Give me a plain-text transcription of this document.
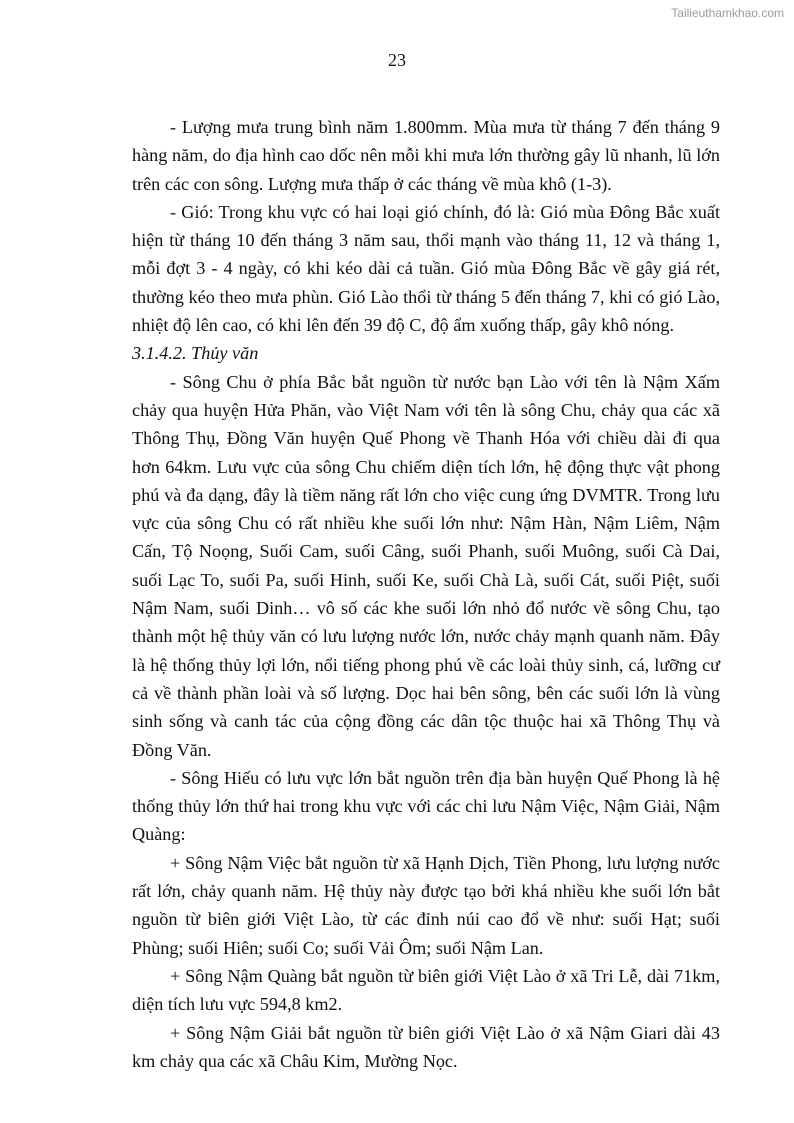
Tailieuthamkhao.com
23

- Lượng mưa trung bình năm 1.800mm. Mùa mưa từ tháng 7 đến tháng 9 hàng năm, do địa hình cao dốc nên mỗi khi mưa lớn thường gây lũ nhanh, lũ lớn trên các con sông. Lượng mưa thấp ở các tháng về mùa khô (1-3).

- Gió: Trong khu vực có hai loại gió chính, đó là: Gió mùa Đông Bắc xuất hiện từ tháng 10 đến tháng 3 năm sau, thổi mạnh vào tháng 11, 12 và tháng 1, mỗi đợt 3 - 4 ngày, có khi kéo dài cả tuần. Gió mùa Đông Bắc về gây giá rét, thường kéo theo mưa phùn. Gió Lào thổi từ tháng 5 đến tháng 7, khi có gió Lào, nhiệt độ lên cao, có khi lên đến 39 độ C, độ ẩm xuống thấp, gây khô nóng.

3.1.4.2. Thủy văn

- Sông Chu ở phía Bắc bắt nguồn từ nước bạn Lào với tên là Nậm Xấm chảy qua huyện Hửa Phăn, vào Việt Nam với tên là sông Chu, chảy qua các xã Thông Thụ, Đồng Văn huyện Quế Phong về Thanh Hóa với chiều dài đi qua hơn 64km. Lưu vực của sông Chu chiếm diện tích lớn, hệ động thực vật phong phú và đa dạng, đây là tiềm năng rất lớn cho việc cung ứng DVMTR. Trong lưu vực của sông Chu có rất nhiều khe suối lớn như: Nậm Hàn, Nậm Liêm, Nậm Cấn, Tộ Noọng, Suối Cam, suối Câng, suối Phanh, suối Muông, suối Cà Dai, suối Lạc To, suối Pa, suối Hinh, suối Ke, suối Chà Là, suối Cát, suối Piệt, suối Nậm Nam, suối Dinh… vô số các khe suối lớn nhỏ đổ nước về sông Chu, tạo thành một hệ thủy văn có lưu lượng nước lớn, nước chảy mạnh quanh năm. Đây là hệ thống thủy lợi lớn, nổi tiếng phong phú về các loài thủy sinh, cá, lưỡng cư cả về thành phần loài và số lượng. Dọc hai bên sông, bên các suối lớn là vùng sinh sống và canh tác của cộng đồng các dân tộc thuộc hai xã Thông Thụ và Đồng Văn.

- Sông Hiếu có lưu vực lớn bắt nguồn trên địa bàn huyện Quế Phong là hệ thống thủy lớn thứ hai trong khu vực với các chi lưu Nậm Việc, Nậm Giải, Nậm Quàng:

+ Sông Nậm Việc bắt nguồn từ xã Hạnh Dịch, Tiền Phong, lưu lượng nước rất lớn, chảy quanh năm. Hệ thủy này được tạo bởi khá nhiều khe suối lớn bắt nguồn từ biên giới Việt Lào, từ các đỉnh núi cao đổ về như: suối Hạt; suối Phùng; suối Hiên; suối Co; suối Vải Ôm; suối Nậm Lan.

+ Sông Nậm Quàng bắt nguồn từ biên giới Việt Lào ở xã Tri Lễ, dài 71km, diện tích lưu vực 594,8 km2.

+ Sông Nậm Giải bắt nguồn từ biên giới Việt Lào ở xã Nậm Giari dài 43 km chảy qua các xã Châu Kim, Mường Nọc.
